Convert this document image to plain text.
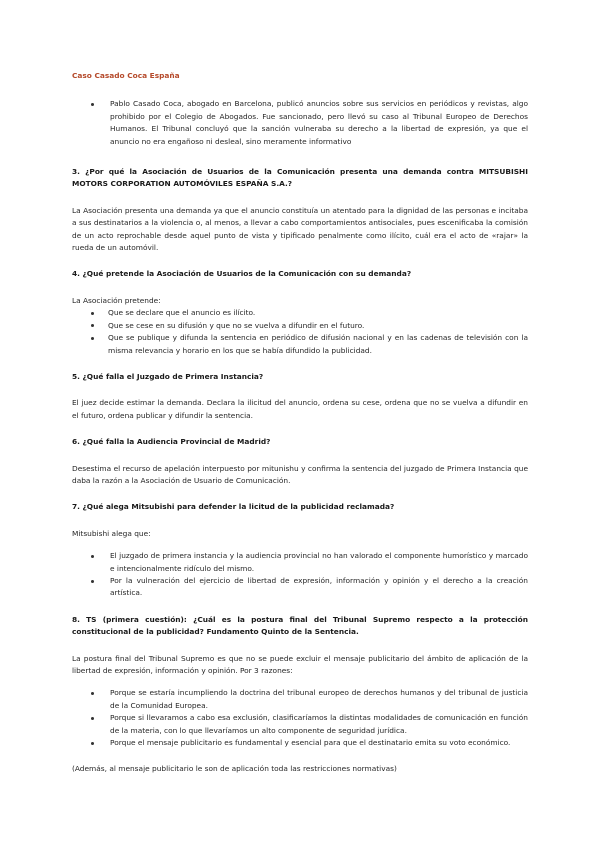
Caso Casado Coca España
Pablo Casado Coca, abogado en Barcelona, publicó anuncios sobre sus servicios en periódicos y revistas, algo prohibido por el Colegio de Abogados. Fue sancionado, pero llevó su caso al Tribunal Europeo de Derechos Humanos. El Tribunal concluyó que la sanción vulneraba su derecho a la libertad de expresión, ya que el anuncio no era engañoso ni desleal, sino meramente informativo

3. ¿Por qué la Asociación de Usuarios de la Comunicación presenta una demanda contra MITSUBISHI MOTORS CORPORATION AUTOMÓVILES ESPAÑA S.A.?

La Asociación presenta una demanda ya que el anuncio constituía un atentado para la dignidad de las personas e incitaba a sus destinatarios a la violencia o, al menos, a llevar a cabo comportamientos antisociales, pues escenificaba la comisión de un acto reprochable desde aquel punto de vista y tipificado penalmente como ilícito, cuál era el acto de «rajar» la rueda de un automóvil.

4. ¿Qué pretende la Asociación de Usuarios de la Comunicación con su demanda?

La Asociación pretende:

Que se declare que el anuncio es ilícito.
Que se cese en su difusión y que no se vuelva a difundir en el futuro.
Que se publique y difunda la sentencia en periódico de difusión nacional y en las cadenas de televisión con la misma relevancia y horario en los que se había difundido la publicidad.

5. ¿Qué falla el Juzgado de Primera Instancia?

El juez decide estimar la demanda. Declara la ilicitud del anuncio, ordena su cese, ordena que no se vuelva a difundir en el futuro, ordena publicar y difundir la sentencia.

6. ¿Qué falla la Audiencia Provincial de Madrid?

Desestima el recurso de apelación interpuesto por mitunishu y confirma la sentencia del juzgado de Primera Instancia que daba la razón a la Asociación de Usuario de Comunicación.

7. ¿Qué alega Mitsubishi para defender la licitud de la publicidad reclamada?

Mitsubishi alega que:

El juzgado de primera instancia y la audiencia provincial no han valorado el componente humorístico y marcado e intencionalmente ridículo del mismo.
Por la vulneración del ejercicio de libertad de expresión, información y opinión y el derecho a la creación artística.

8. TS (primera cuestión): ¿Cuál es la postura final del Tribunal Supremo respecto a la protección constitucional de la publicidad? Fundamento Quinto de la Sentencia.

La postura final del Tribunal Supremo es que no se puede excluir el mensaje publicitario del ámbito de aplicación de la libertad de expresión, información y opinión. Por 3 razones:

Porque se estaría incumpliendo la doctrina del tribunal europeo de derechos humanos y del tribunal de justicia de la Comunidad Europea.
Porque si llevaramos a cabo esa exclusión, clasificaríamos la distintas modalidades de comunicación en función de la materia, con lo que llevaríamos un alto componente de seguridad jurídica.
Porque el mensaje publicitario es fundamental y esencial para que el destinatario emita su voto económico.

(Además, al mensaje publicitario le son de aplicación toda las restricciones normativas)
